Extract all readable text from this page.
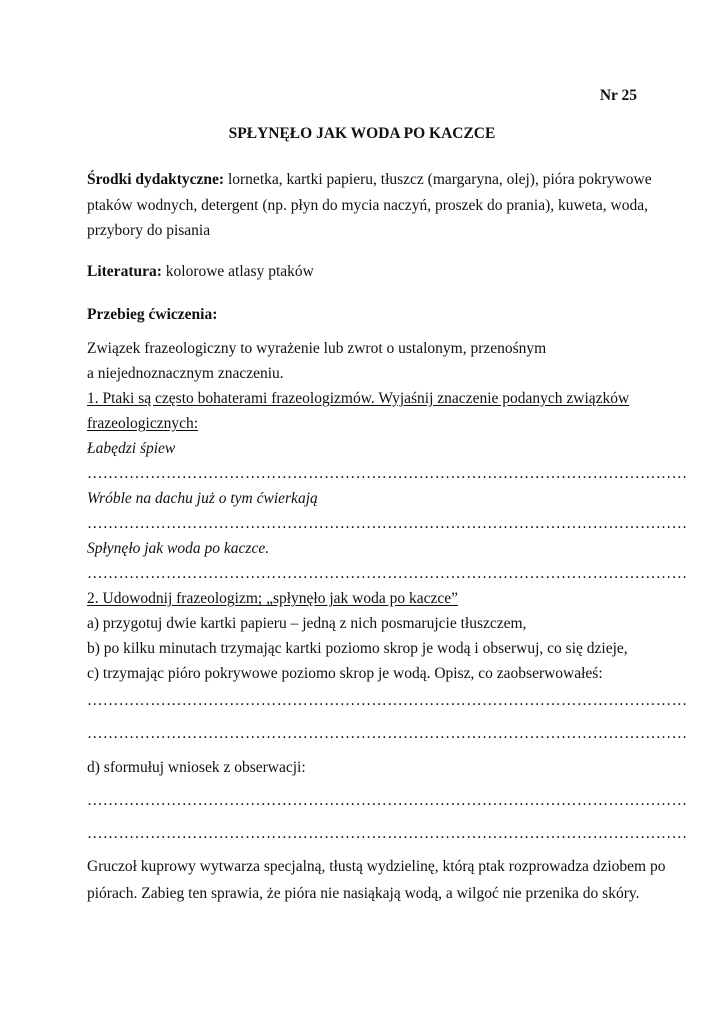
Nr 25
SPŁYNĘŁO JAK WODA PO KACZCE
Środki dydaktyczne: lornetka, kartki papieru, tłuszcz (margaryna, olej), pióra pokrywowe
ptaków wodnych, detergent (np. płyn do mycia naczyń, proszek do prania), kuweta, woda,
przybory do pisania
Literatura: kolorowe atlasy ptaków
Przebieg ćwiczenia:
Związek frazeologiczny to wyrażenie lub zwrot o ustalonym, przenośnym
a niejednoznacznym znaczeniu.
1. Ptaki są często bohaterami frazeologizmów. Wyjaśnij znaczenie podanych związków
frazeologicznych:
Łabędzi śpiew
……………………………………………………………………………………………………
Wróble na dachu już o tym ćwierkają
……………………………………………………………………………………………………
Spłynęło jak woda po kaczce.
……………………………………………………………………………………………………
2. Udowodnij frazeologizm; „spłynęło jak woda po kaczce”
a) przygotuj dwie kartki papieru – jedną z nich posmarujcie tłuszczem,
b) po kilku minutach trzymając kartki poziomo skrop je wodą i obserwuj, co się dzieje,
c) trzymając pióro pokrywowe poziomo skrop je wodą. Opisz, co zaobserwowałeś:
……………………………………………………………………………………………………
……………………………………………………………………………………………………
d) sformułuj wniosek z obserwacji:
……………………………………………………………………………………………………
……………………………………………………………………………………………………
Gruczoł kuprowy wytwarza specjalną, tłustą wydzielinę, którą ptak rozprowadza dziobem po
piórach. Zabieg ten sprawia, że pióra nie nasiąkają wodą, a wilgoć nie przenika do skóry.
